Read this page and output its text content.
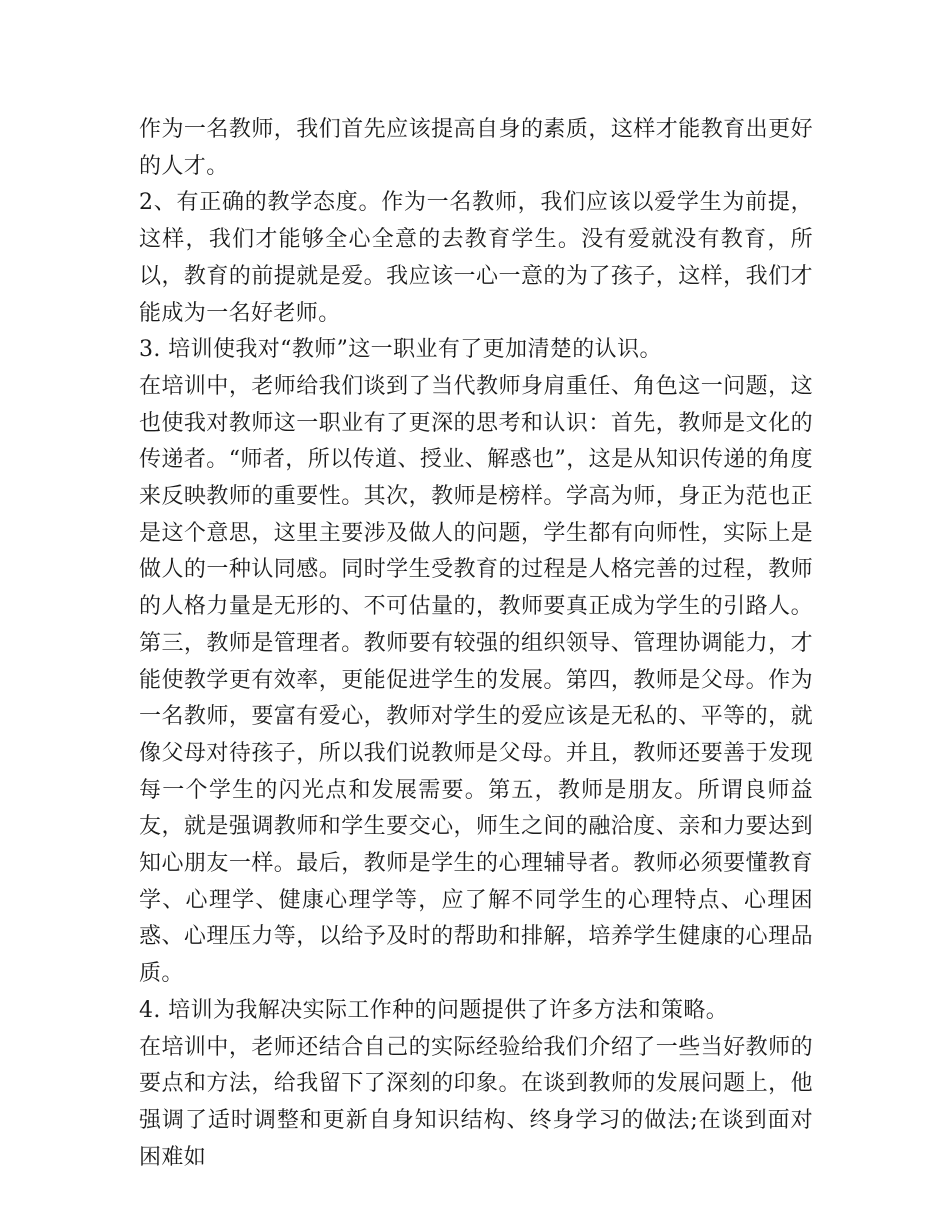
作为一名教师，我们首先应该提高自身的素质，这样才能教育出更好的人才。

2、有正确的教学态度。作为一名教师，我们应该以爱学生为前提，这样，我们才能够全心全意的去教育学生。没有爱就没有教育，所以，教育的前提就是爱。我应该一心一意的为了孩子，这样，我们才能成为一名好老师。

3. 培训使我对“教师”这一职业有了更加清楚的认识。

在培训中，老师给我们谈到了当代教师身肩重任、角色这一问题，这也使我对教师这一职业有了更深的思考和认识：首先，教师是文化的传递者。“师者，所以传道、授业、解惑也”，这是从知识传递的角度来反映教师的重要性。其次，教师是榜样。学高为师，身正为范也正是这个意思，这里主要涉及做人的问题，学生都有向师性，实际上是做人的一种认同感。同时学生受教育的过程是人格完善的过程，教师的人格力量是无形的、不可估量的，教师要真正成为学生的引路人。第三，教师是管理者。教师要有较强的组织领导、管理协调能力，才能使教学更有效率，更能促进学生的发展。第四，教师是父母。作为一名教师，要富有爱心，教师对学生的爱应该是无私的、平等的，就像父母对待孩子，所以我们说教师是父母。并且，教师还要善于发现每一个学生的闪光点和发展需要。第五，教师是朋友。所谓良师益友，就是强调教师和学生要交心，师生之间的融洽度、亲和力要达到知心朋友一样。最后，教师是学生的心理辅导者。教师必须要懂教育学、心理学、健康心理学等，应了解不同学生的心理特点、心理困惑、心理压力等，以给予及时的帮助和排解，培养学生健康的心理品质。

4. 培训为我解决实际工作种的问题提供了许多方法和策略。

在培训中，老师还结合自己的实际经验给我们介绍了一些当好教师的要点和方法，给我留下了深刻的印象。在谈到教师的发展问题上，他强调了适时调整和更新自身知识结构、终身学习的做法;在谈到面对困难如
